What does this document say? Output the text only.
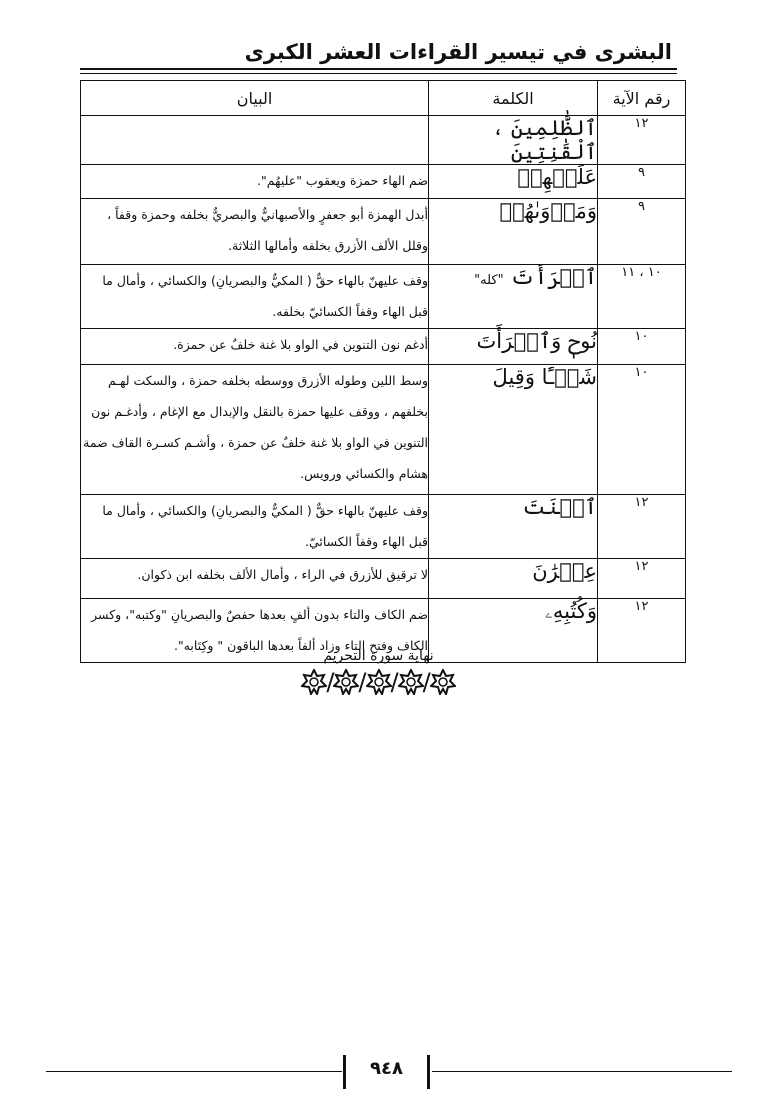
البشرى في تيسير القراءات العشر الكبرى
رقم الآية	الكلمة	البيان
١٢	ٱلظَّٰلِمِينَ ، ٱلْقَٰنِتِينَ	
٩	عَلَيۡهِمۡ	ضم الهاء حمزة ويعقوب "عليهُم".
٩	وَمَأۡوَىٰهُمۡ	أبدل الهمزة أبو جعفرٍ والأصبهانيٌّ والبصريٌّ بخلفه وحمزة وقفاً ، وقلل الألف الأزرق بخلفه وأمالها الثلاثة.
١٠ ، ١١	ٱمۡرَأَتَ "كله"	وقف عليهنّ بالهاء حقٌّ ( المكيٌّ والبصريانِ) والكسائي ، وأمال ما قبل الهاء وقفاً الكسائيّ بخلفه.
١٠	نُوحٖ وَٱمۡرَأَتَ	أدغم نون التنوين في الواو بلا غنة خلفٌ عن حمزة.
١٠	شَيۡـًٔا وَقِيلَ	وسط اللين وطوله الأزرق ووسطه بخلفه حمزة ، والسكت لهـم بخلفهم ، ووقف عليها حمزة بالنقل والإبدال مع الإغام ، وأدغـم نون التنوين في الواو بلا غنة خلفٌ عن حمزة ، وأشـم كسـرة القاف ضمة هشام والكسائي ورويس.
١٢	ٱبۡنَتَ	وقف عليهنّ بالهاء حقٌّ ( المكيٌّ والبصريانِ) والكسائي ، وأمال ما قبل الهاء وقفاً الكسائيّ.
١٢	عِمۡرَٰنَ	لا ترقيق للأزرق في الراء ، وأمال الألف بخلفه ابن ذكوان.
١٢	وَكُتُبِهِۦ	ضم الكاف والتاء بدون ألفٍ بعدها حفصٌ والبصريانِ "وكتبه"، وكسر الكاف وفتح التاء وزاد ألفاً بعدها الباقون " وكِتَابه".
نهاية سورة التحريم
/ / / /
٩٤٨
